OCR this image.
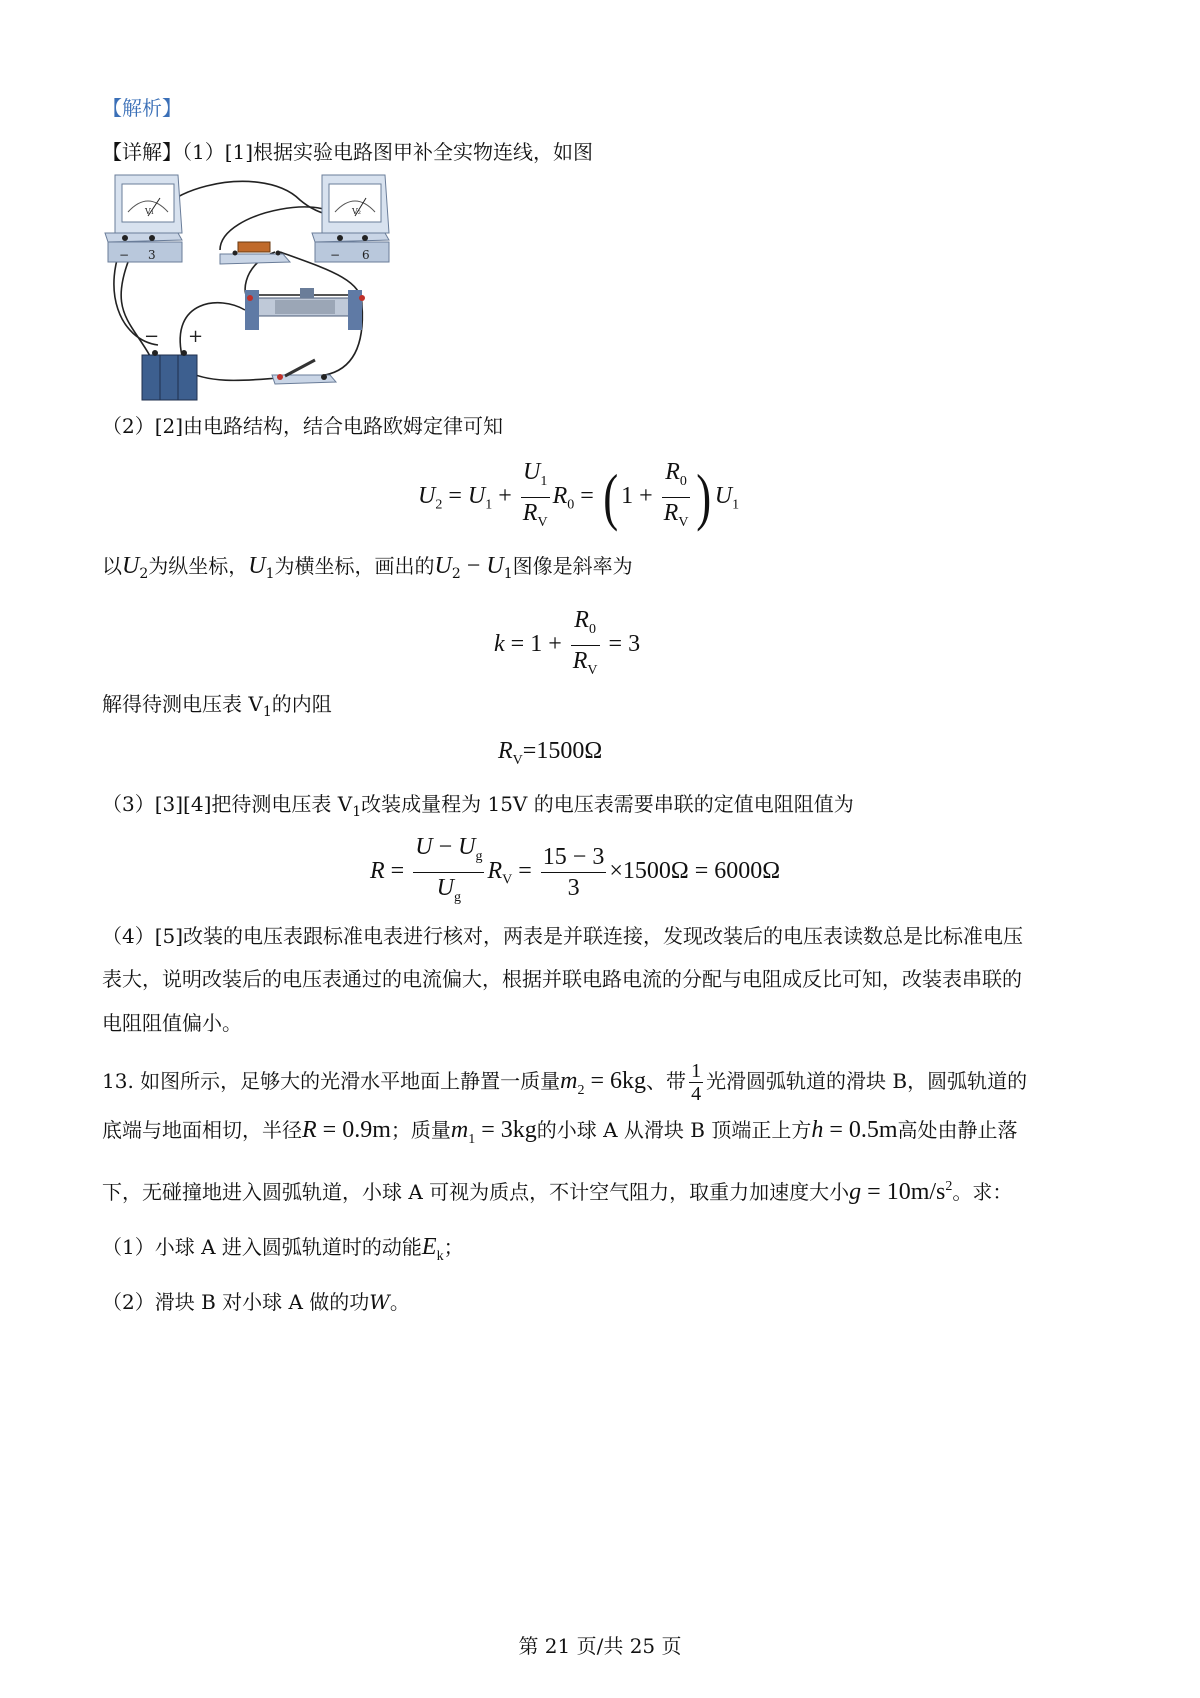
【解析】
【详解】（1）[1]根据实验电路图甲补全实物连线，如图
− 3
V₁
− 6
V₂
− +
（2）[2]由电路结构，结合电路欧姆定律可知
$U_2 = U_1 + \frac{U_1}{R_V} R_0$ = ( $1 + \frac{R_0}{R_V}$ ) $U_1$
以$U_2$为纵坐标，$U_1$为横坐标，画出的$U_2 - U_1$图像是斜率为
$k = 1 + \frac{R_0}{R_V} = 3$
解得待测电压表 $V_1$的内阻
$R_V=1500\Omega$
（3）[3][4]把待测电压表 $V_1$改装成量程为 15V 的电压表需要串联的定值电阻阻值为
$R = \frac{U - U_g}{U_g} R_V = \frac{15 - 3}{3} \times 1500\Omega = 6000\Omega$
（4）[5]改装的电压表跟标准电表进行核对，两表是并联连接，发现改装后的电压表读数总是比标准电压
表大，说明改装后的电压表通过的电流偏大，根据并联电路电流的分配与电阻成反比可知，改装表串联的
电阻阻值偏小。
13. 如图所示，足够大的光滑水平地面上静置一质量$m_2 = 6kg$、带 $\frac{1}{4}$ 光滑圆弧轨道的滑块 B，圆弧轨道的
底端与地面相切，半径R = 0.9m；质量$m_1 = 3kg$的小球 A 从滑块 B 顶端正上方h = 0.5m高处由静止落
下，无碰撞地进入圆弧轨道，小球 A 可视为质点，不计空气阻力，取重力加速度大小$g = 10m/s^2$。求：
（1）小球 A 进入圆弧轨道时的动能$E_k$；
（2）滑块 B 对小球 A 做的功W。
第 21 页/共 25 页
